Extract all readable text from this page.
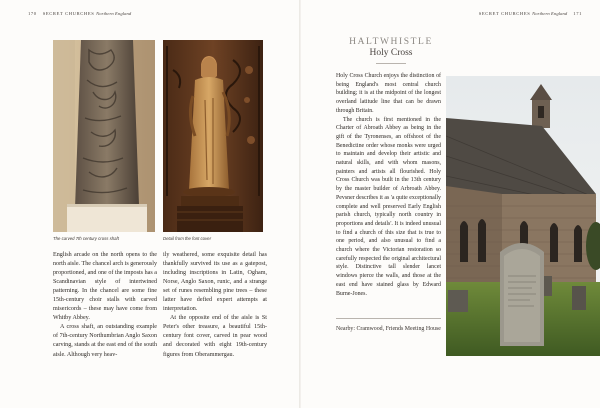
170 SECRET CHURCHES Northern England
The carved 7th century cross shaft	Detail from the font cover

English arcade on the north opens to the north aisle. The chancel arch is generously proportioned, and one of the imposts has a Scandinavian style of intertwined patterning. In the chancel are some fine 15th-century choir stalls with carved misericords – these may have come from Whitby Abbey.

A cross shaft, an outstanding example of 7th-century Northumbrian Anglo Saxon carving, stands at the east end of the south aisle. Although very heav-

ily weathered, some exquisite detail has thankfully survived its use as a gatepost, including inscriptions in Latin, Ogham, Norse, Anglo Saxon, runic, and a strange set of runes resembling pine trees – these latter have defied expert attempts at interpretation.

At the opposite end of the aisle is St Peter's other treasure, a beautiful 15th-century font cover, carved in pear wood and decorated with eight 19th-century figures from Oberammergau.

SECRET CHURCHES Northern England 171
HALTWHISTLE
Holy Cross

Holy Cross Church enjoys the distinction of being England's most central church building; it is at the midpoint of the longest overland latitude line that can be drawn through Britain.

The church is first mentioned in the Charter of Abroath Abbey as being in the gift of the Tyronenses, an offshoot of the Benedictine order whose monks were urged to maintain and develop their artistic and natural skills, and with whom masons, painters and artists all flourished. Holy Cross Church was built in the 13th century by the master builder of Arbroath Abbey. Pevsner describes it as 'a quite exceptionally complete and well preserved Early English parish church, typically north country in proportions and details'. It is indeed unusual to find a church of this size that is true to one period, and also unusual to find a church where the Victorian restoration so carefully respected the original architectural style. Distinctive tall slender lancet windows pierce the walls, and those at the east end have stained glass by Edward Burne-Jones.

Nearby: Cramwood, Friends Meeting House
